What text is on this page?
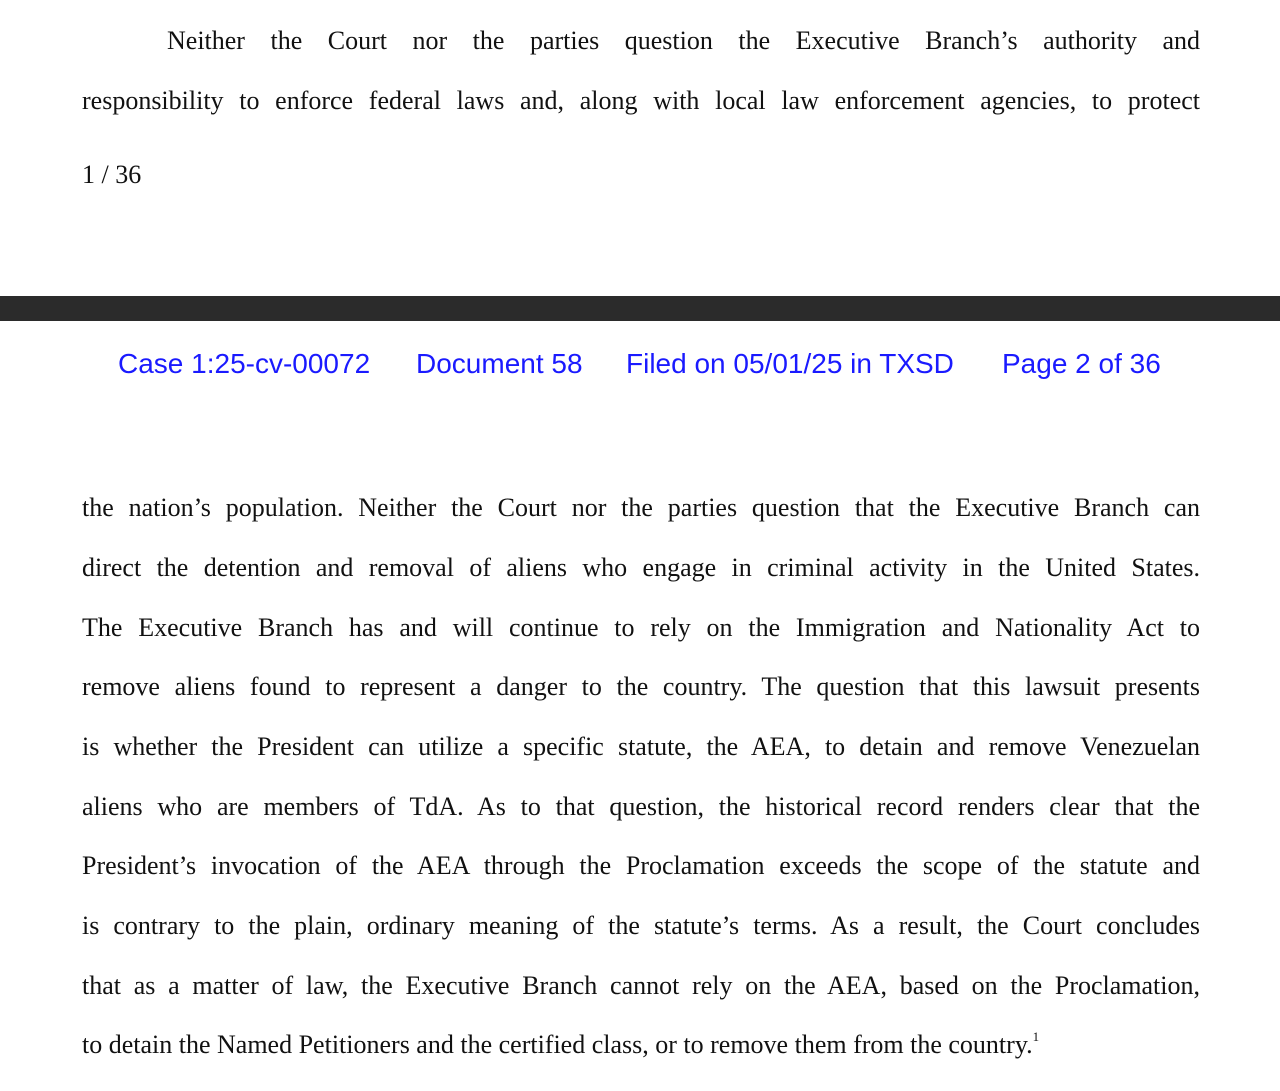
Neither the Court nor the parties question the Executive Branch’s authority and
responsibility to enforce federal laws and, along with local law enforcement agencies, to protect
1 / 36
Case 1:25-cv-00072 Document 58 Filed on 05/01/25 in TXSD Page 2 of 36
the nation’s population. Neither the Court nor the parties question that the Executive Branch can
direct the detention and removal of aliens who engage in criminal activity in the United States.
The Executive Branch has and will continue to rely on the Immigration and Nationality Act to
remove aliens found to represent a danger to the country. The question that this lawsuit presents
is whether the President can utilize a specific statute, the AEA, to detain and remove Venezuelan
aliens who are members of TdA. As to that question, the historical record renders clear that the
President’s invocation of the AEA through the Proclamation exceeds the scope of the statute and
is contrary to the plain, ordinary meaning of the statute’s terms. As a result, the Court concludes
that as a matter of law, the Executive Branch cannot rely on the AEA, based on the Proclamation,
to detain the Named Petitioners and the certified class, or to remove them from the country.$^1$
